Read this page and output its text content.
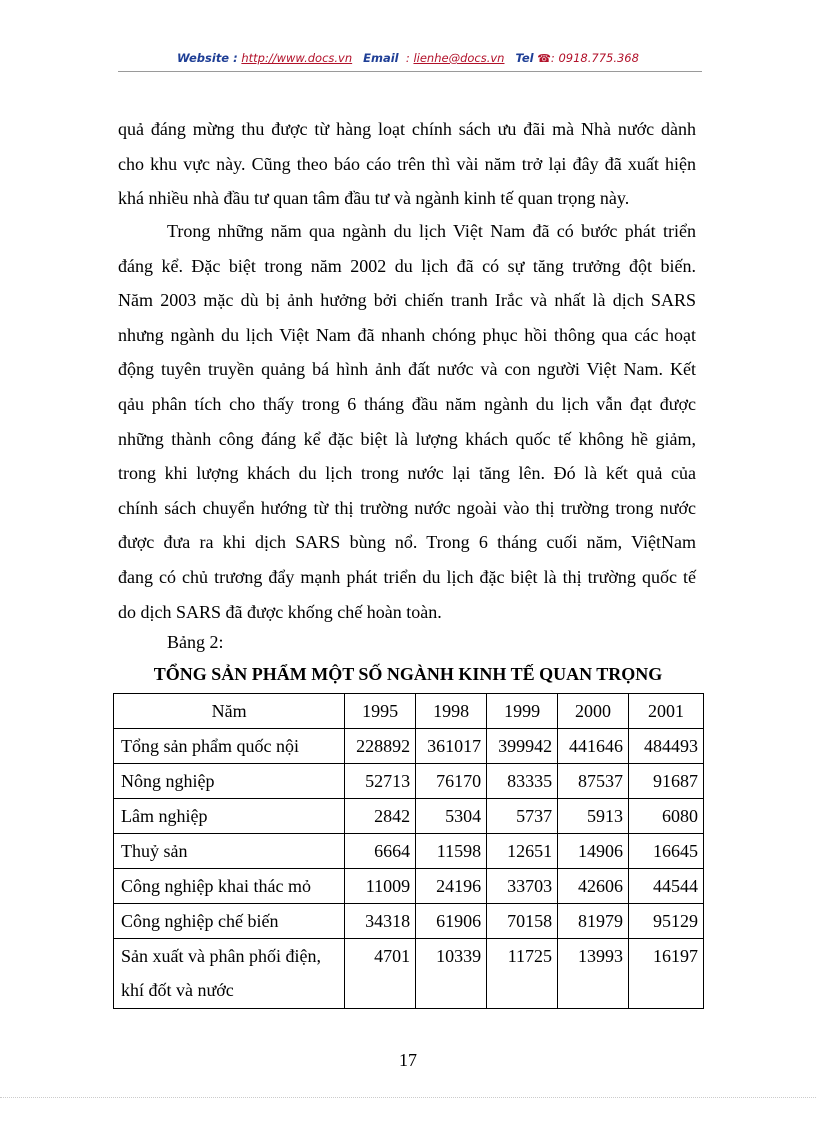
Website : http://www.docs.vn Email : lienhe@docs.vn Tel ☎: 0918.775.368
quả đáng mừng thu được từ hàng loạt chính sách ưu đãi mà Nhà nước dành
cho khu vực này. Cũng theo báo cáo trên thì vài năm trở lại đây đã xuất hiện
khá nhiều nhà đầu tư quan tâm đầu tư và ngành kinh tế quan trọng này.
Trong những năm qua ngành du lịch Việt Nam đã có bước phát triển
đáng kể. Đặc biệt trong năm 2002 du lịch đã có sự tăng trưởng đột biến.
Năm 2003 mặc dù bị ảnh hưởng bởi chiến tranh Irắc và nhất là dịch SARS
nhưng ngành du lịch Việt Nam đã nhanh chóng phục hồi thông qua các hoạt
động tuyên truyền quảng bá hình ảnh đất nước và con người Việt Nam. Kết
qảu phân tích cho thấy trong 6 tháng đầu năm ngành du lịch vẫn đạt được
những thành công đáng kể đặc biệt là lượng khách quốc tế không hề giảm,
trong khi lượng khách du lịch trong nước lại tăng lên. Đó là kết quả của
chính sách chuyển hướng từ thị trường nước ngoài vào thị trường trong nước
được đưa ra khi dịch SARS bùng nổ. Trong 6 tháng cuối năm, ViệtNam
đang có chủ trương đẩy mạnh phát triển du lịch đặc biệt là thị trường quốc tế
do dịch SARS đã được khống chế hoàn toàn.
Bảng 2:
TỔNG SẢN PHẨM MỘT SỐ NGÀNH KINH TẾ QUAN TRỌNG
Năm	1995	1998	1999	2000	2001
Tổng sản phẩm quốc nội	228892	361017	399942	441646	484493
Nông nghiệp	52713	76170	83335	87537	91687
Lâm nghiệp	2842	5304	5737	5913	6080
Thuỷ sản	6664	11598	12651	14906	16645
Công nghiệp khai thác mỏ	11009	24196	33703	42606	44544
Công nghiệp chế biến	34318	61906	70158	81979	95129

Sản xuất và phân phối điện,
khí đốt và nước	4701	10339	11725	13993	16197
17
